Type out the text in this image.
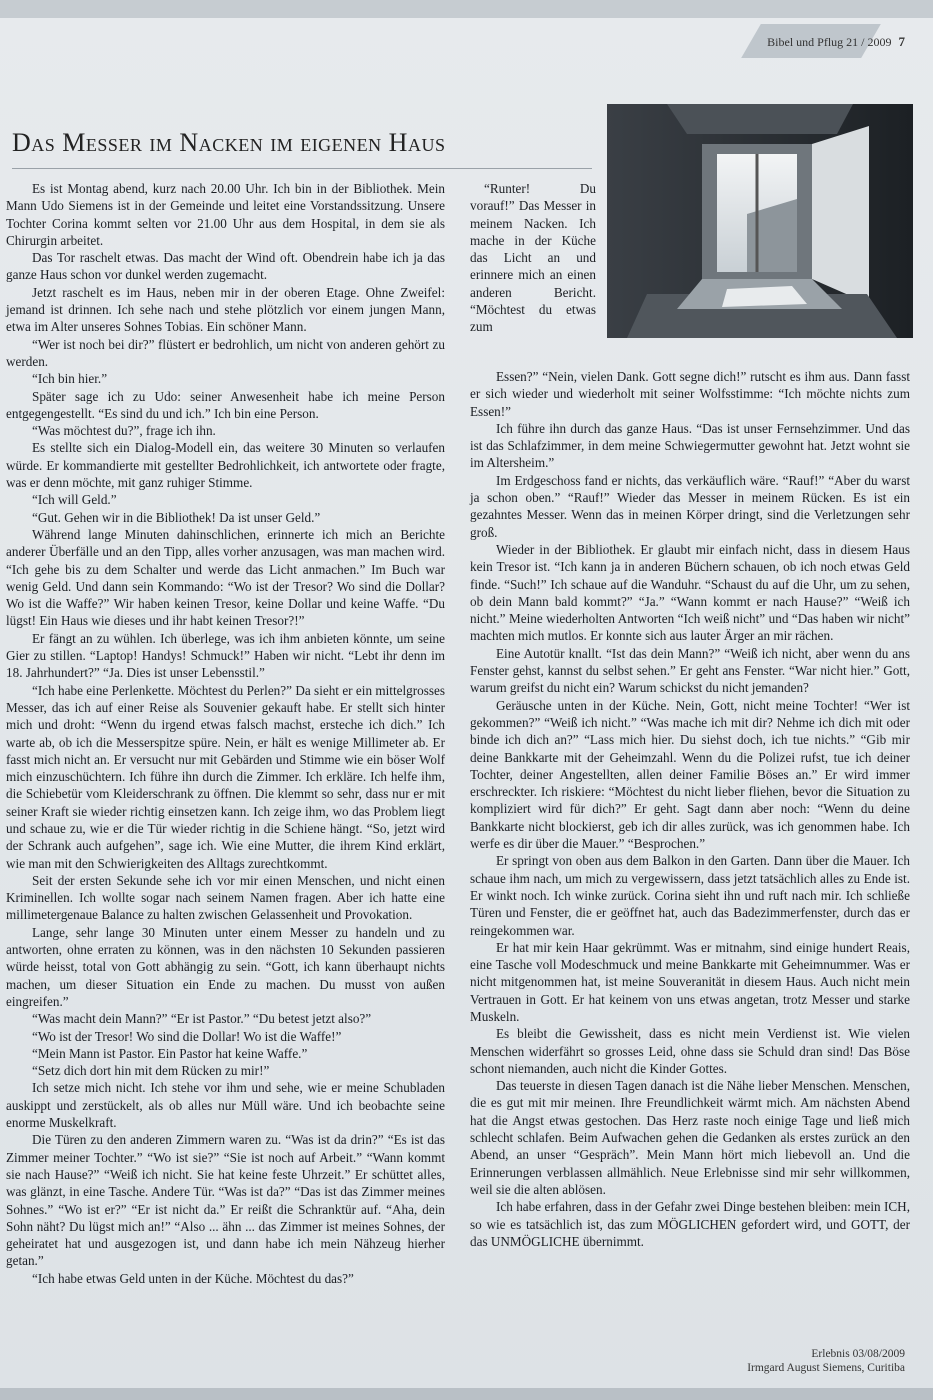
Bibel und Pflug 21 / 2009 7
Das Messer im Nacken im eigenen Haus

Es ist Montag abend, kurz nach 20.00 Uhr. Ich bin in der Bibliothek. Mein Mann Udo Siemens ist in der Gemeinde und leitet eine Vorstandssitzung. Unsere Tochter Corina kommt selten vor 21.00 Uhr aus dem Hospital, in dem sie als Chirurgin arbeitet.

Das Tor raschelt etwas. Das macht der Wind oft. Obendrein habe ich ja das ganze Haus schon vor dunkel werden zugemacht.

Jetzt raschelt es im Haus, neben mir in der oberen Etage. Ohne Zweifel: jemand ist drinnen. Ich sehe nach und stehe plötzlich vor einem jungen Mann, etwa im Alter unseres Sohnes Tobias. Ein schöner Mann.

“Wer ist noch bei dir?” flüstert er bedrohlich, um nicht von anderen gehört zu werden.

“Ich bin hier.”

Später sage ich zu Udo: seiner Anwesenheit habe ich meine Person entgegengestellt. “Es sind du und ich.” Ich bin eine Person.

“Was möchtest du?”, frage ich ihn.

Es stellte sich ein Dialog-Modell ein, das weitere 30 Minuten so verlaufen würde. Er kommandierte mit gestellter Bedrohlichkeit, ich antwortete oder fragte, was er denn möchte, mit ganz ruhiger Stimme.

“Ich will Geld.”

“Gut. Gehen wir in die Bibliothek! Da ist unser Geld.”

Während lange Minuten dahinschlichen, erinnerte ich mich an Berichte anderer Überfälle und an den Tipp, alles vorher anzusagen, was man machen wird. “Ich gehe bis zu dem Schalter und werde das Licht anmachen.” Im Buch war wenig Geld. Und dann sein Kommando: “Wo ist der Tresor? Wo sind die Dollar? Wo ist die Waffe?” Wir haben keinen Tresor, keine Dollar und keine Waffe. “Du lügst! Ein Haus wie dieses und ihr habt keinen Tresor?!”

Er fängt an zu wühlen. Ich überlege, was ich ihm anbieten könnte, um seine Gier zu stillen. “Laptop! Handys! Schmuck!” Haben wir nicht. “Lebt ihr denn im 18. Jahrhundert?” “Ja. Dies ist unser Lebensstil.”

“Ich habe eine Perlenkette. Möchtest du Perlen?” Da sieht er ein mittelgrosses Messer, das ich auf einer Reise als Souvenier gekauft habe. Er stellt sich hinter mich und droht: “Wenn du irgend etwas falsch machst, ersteche ich dich.” Ich warte ab, ob ich die Messerspitze spüre. Nein, er hält es wenige Millimeter ab. Er fasst mich nicht an. Er versucht nur mit Gebärden und Stimme wie ein böser Wolf mich einzuschüchtern. Ich führe ihn durch die Zimmer. Ich erkläre. Ich helfe ihm, die Schiebetür vom Kleiderschrank zu öffnen. Die klemmt so sehr, dass nur er mit seiner Kraft sie wieder richtig einsetzen kann. Ich zeige ihm, wo das Problem liegt und schaue zu, wie er die Tür wieder richtig in die Schiene hängt. “So, jetzt wird der Schrank auch aufgehen”, sage ich. Wie eine Mutter, die ihrem Kind erklärt, wie man mit den Schwierigkeiten des Alltags zurechtkommt.

Seit der ersten Sekunde sehe ich vor mir einen Menschen, und nicht einen Kriminellen. Ich wollte sogar nach seinem Namen fragen. Aber ich hatte eine millimetergenaue Balance zu halten zwischen Gelassenheit und Provokation.

Lange, sehr lange 30 Minuten unter einem Messer zu handeln und zu antworten, ohne erraten zu können, was in den nächsten 10 Sekunden passieren würde heisst, total von Gott abhängig zu sein. “Gott, ich kann überhaupt nichts machen, um dieser Situation ein Ende zu machen. Du musst von außen eingreifen.”

“Was macht dein Mann?” “Er ist Pastor.” “Du betest jetzt also?”

“Wo ist der Tresor! Wo sind die Dollar! Wo ist die Waffe!”

“Mein Mann ist Pastor. Ein Pastor hat keine Waffe.”

“Setz dich dort hin mit dem Rücken zu mir!”

Ich setze mich nicht. Ich stehe vor ihm und sehe, wie er meine Schubladen auskippt und zerstückelt, als ob alles nur Müll wäre. Und ich beobachte seine enorme Muskelkraft.

Die Türen zu den anderen Zimmern waren zu. “Was ist da drin?” “Es ist das Zimmer meiner Tochter.” “Wo ist sie?” “Sie ist noch auf Arbeit.” “Wann kommt sie nach Hause?” “Weiß ich nicht. Sie hat keine feste Uhrzeit.” Er schüttet alles, was glänzt, in eine Tasche. Andere Tür. “Was ist da?” “Das ist das Zimmer meines Sohnes.” “Wo ist er?” “Er ist nicht da.” Er reißt die Schranktür auf. “Aha, dein Sohn näht? Du lügst mich an!” “Also ... ähn ... das Zimmer ist meines Sohnes, der geheiratet hat und ausgezogen ist, und dann habe ich mein Nähzeug hierher getan.”

“Ich habe etwas Geld unten in der Küche. Möchtest du das?”

“Runter! Du vorauf!” Das Messer in meinem Nacken. Ich mache in der Küche das Licht an und erinnere mich an einen anderen Bericht. “Möchtest du etwas zum

Essen?” “Nein, vielen Dank. Gott segne dich!” rutscht es ihm aus. Dann fasst er sich wieder und wiederholt mit seiner Wolfsstimme: “Ich möchte nichts zum Essen!”

Ich führe ihn durch das ganze Haus. “Das ist unser Fernsehzimmer. Und das ist das Schlafzimmer, in dem meine Schwiegermutter gewohnt hat. Jetzt wohnt sie im Altersheim.”

Im Erdgeschoss fand er nichts, das verkäuflich wäre. “Rauf!” “Aber du warst ja schon oben.” “Rauf!” Wieder das Messer in meinem Rücken. Es ist ein gezahntes Messer. Wenn das in meinen Körper dringt, sind die Verletzungen sehr groß.

Wieder in der Bibliothek. Er glaubt mir einfach nicht, dass in diesem Haus kein Tresor ist. “Ich kann ja in anderen Büchern schauen, ob ich noch etwas Geld finde. “Such!” Ich schaue auf die Wanduhr. “Schaust du auf die Uhr, um zu sehen, ob dein Mann bald kommt?” “Ja.” “Wann kommt er nach Hause?” “Weiß ich nicht.” Meine wiederholten Antworten “Ich weiß nicht” und “Das haben wir nicht” machten mich mutlos. Er konnte sich aus lauter Ärger an mir rächen.

Eine Autotür knallt. “Ist das dein Mann?” “Weiß ich nicht, aber wenn du ans Fenster gehst, kannst du selbst sehen.” Er geht ans Fenster. “War nicht hier.” Gott, warum greifst du nicht ein? Warum schickst du nicht jemanden?

Geräusche unten in der Küche. Nein, Gott, nicht meine Tochter! “Wer ist gekommen?” “Weiß ich nicht.” “Was mache ich mit dir? Nehme ich dich mit oder binde ich dich an?” “Lass mich hier. Du siehst doch, ich tue nichts.” “Gib mir deine Bankkarte mit der Geheimzahl. Wenn du die Polizei rufst, tue ich deiner Tochter, deiner Angestellten, allen deiner Familie Böses an.” Er wird immer erschreckter. Ich riskiere: “Möchtest du nicht lieber fliehen, bevor die Situation zu kompliziert wird für dich?” Er geht. Sagt dann aber noch: “Wenn du deine Bankkarte nicht blockierst, geb ich dir alles zurück, was ich genommen habe. Ich werfe es dir über die Mauer.” “Besprochen.”

Er springt von oben aus dem Balkon in den Garten. Dann über die Mauer. Ich schaue ihm nach, um mich zu vergewissern, dass jetzt tatsächlich alles zu Ende ist. Er winkt noch. Ich winke zurück. Corina sieht ihn und ruft nach mir. Ich schließe Türen und Fenster, die er geöffnet hat, auch das Badezimmerfenster, durch das er reingekommen war.

Er hat mir kein Haar gekrümmt. Was er mitnahm, sind einige hundert Reais, eine Tasche voll Modeschmuck und meine Bankkarte mit Geheimnummer. Was er nicht mitgenommen hat, ist meine Souveranität in diesem Haus. Auch nicht mein Vertrauen in Gott. Er hat keinem von uns etwas angetan, trotz Messer und starke Muskeln.

Es bleibt die Gewissheit, dass es nicht mein Verdienst ist. Wie vielen Menschen widerfährt so grosses Leid, ohne dass sie Schuld dran sind! Das Böse schont niemanden, auch nicht die Kinder Gottes.

Das teuerste in diesen Tagen danach ist die Nähe lieber Menschen. Menschen, die es gut mit mir meinen. Ihre Freundlichkeit wärmt mich. Am nächsten Abend hat die Angst etwas gestochen. Das Herz raste noch einige Tage und ließ mich schlecht schlafen. Beim Aufwachen gehen die Gedanken als erstes zurück an den Abend, an unser “Gespräch”. Mein Mann hört mich liebevoll an. Und die Erinnerungen verblassen allmählich. Neue Erlebnisse sind mir sehr willkommen, weil sie die alten ablösen.

Ich habe erfahren, dass in der Gefahr zwei Dinge bestehen bleiben: mein ICH, so wie es tatsächlich ist, das zum MÖGLICHEN gefordert wird, und GOTT, der das UNMÖGLICHE übernimmt.

Erlebnis 03/08/2009
Irmgard August Siemens, Curitiba
